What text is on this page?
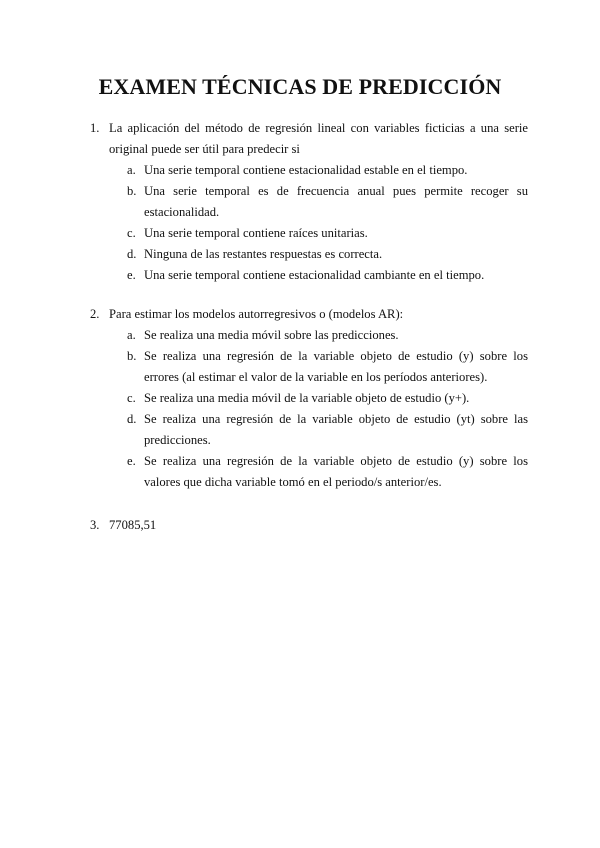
EXAMEN TÉCNICAS DE PREDICCIÓN
1. La aplicación del método de regresión lineal con variables ficticias a una serie original puede ser útil para predecir si
a. Una serie temporal contiene estacionalidad estable en el tiempo.
b. Una serie temporal es de frecuencia anual pues permite recoger su estacionalidad.
c. Una serie temporal contiene raíces unitarias.
d. Ninguna de las restantes respuestas es correcta.
e. Una serie temporal contiene estacionalidad cambiante en el tiempo.
2. Para estimar los modelos autorregresivos o (modelos AR):
a. Se realiza una media móvil sobre las predicciones.
b. Se realiza una regresión de la variable objeto de estudio (y) sobre los errores (al estimar el valor de la variable en los períodos anteriores).
c. Se realiza una media móvil de la variable objeto de estudio (y+).
d. Se realiza una regresión de la variable objeto de estudio (yt) sobre las predicciones.
e. Se realiza una regresión de la variable objeto de estudio (y) sobre los valores que dicha variable tomó en el periodo/s anterior/es.
3. 77085,51
